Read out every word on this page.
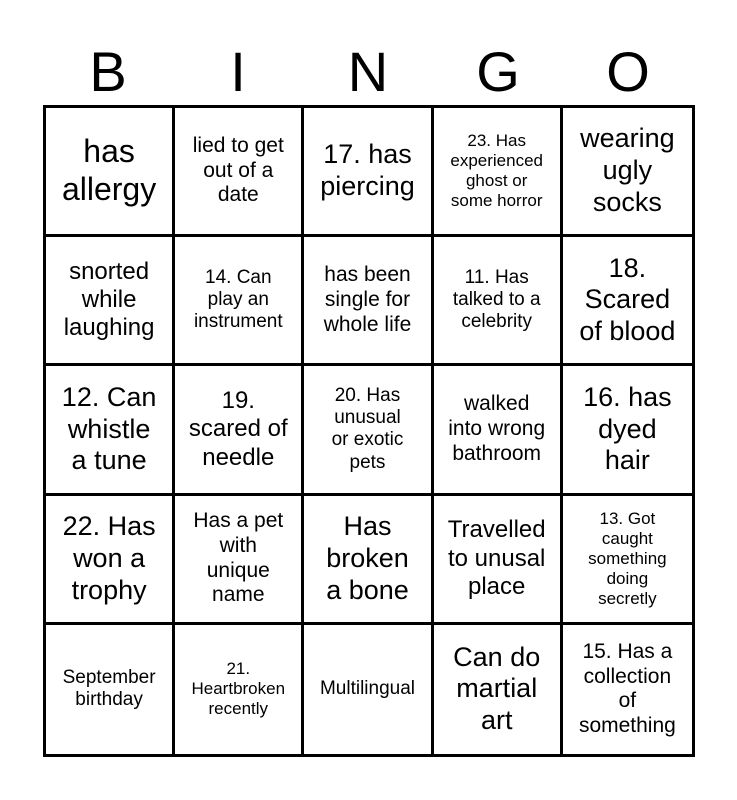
B	I	N	G	O
has
allergy
lied to get
out of a
date
17. has
piercing
23. Has
experienced
ghost or
some horror
wearing
ugly
socks
snorted
while
laughing
14. Can
play an
instrument
has been
single for
whole life
11. Has
talked to a
celebrity
18.
Scared
of blood
12. Can
whistle
a tune
19.
scared of
needle
20. Has
unusual
or exotic
pets
walked
into wrong
bathroom
16. has
dyed
hair
22. Has
won a
trophy
Has a pet
with
unique
name
Has
broken
a bone
Travelled
to unusal
place
13. Got
caught
something
doing
secretly
September
birthday
21.
Heartbroken
recently
Multilingual
Can do
martial
art
15. Has a
collection
of
something
